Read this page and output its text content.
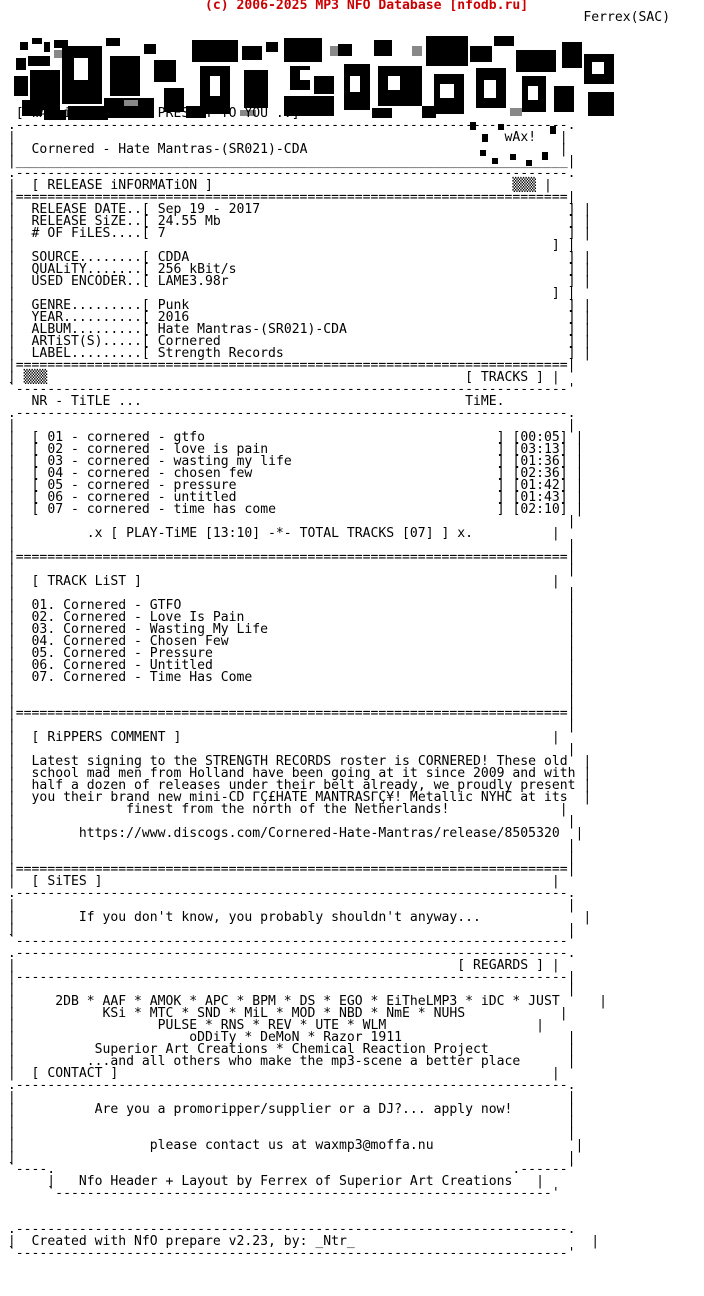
(c) 2006-2025 MP3 NFO Database [nfodb.ru]
Ferrex(SAC)

[ wAx iS PROUD TO PRESENT TO YOU ..]
.----------------------------------------------------------------------.
|	wAx!   |
|  Cornered - Hate Mantras-(SR021)-CDA	|
|______________________________________________________________________|
.----------------------------------------------------------------------.
|  [ RELEASE iNFORMATiON ]	▒▒▒ |
|======================================================================|
|  RELEASE DATE..[ Sep 19 - 2017	] |
|  RELEASE SiZE..[ 24.55 Mb	] |
|  # OF FiLES....[ 7	] |
|                                                                    ] |
|  SOURCE........[ CDDA	] |
|  QUALiTY.......[ 256 kBit/s	] |
|  USED ENCODER..[ LAME3.98r	] |
|                                                                    ] |
|  GENRE.........[ Punk	] |
|  YEAR..........[ 2016	] |
|  ALBUM.........[ Hate Mantras-(SR021)-CDA	] |
|  ARTiST(S).....[ Cornered	] |
|  LABEL.........[ Strength Records	] |
|======================================================================|
| ▒▒▒	[ TRACKS ] |
`----------------------------------------------------------------------'
NR - TiTLE ...	TiME.
.----------------------------------------------------------------------.
|                                                                      |
|  [ 01 - cornered - gtfo                                     ] [00:05] |
|  [ 02 - cornered - love is pain                             ] [03:13] |
|  [ 03 - cornered - wasting my life                          ] [01:36] |
|  [ 04 - cornered - chosen few                               ] [02:36] |
|  [ 05 - cornered - pressure                                 ] [01:42] |
|  [ 06 - cornered - untitled                                 ] [01:43] |
|  [ 07 - cornered - time has come                            ] [02:10] |
|                                                                      |
|	.x [ PLAY-TiME [13:10] -*- TOTAL TRACKS [07] ] x.	|
|                                                                      |
|======================================================================|
|                                                                      |
|  [ TRACK LiST ]	|
|                                                                      |
|  01. Cornered - GTFO	|
|  02. Cornered - Love Is Pain	|
|  03. Cornered - Wasting My Life	|
|  04. Cornered - Chosen Few	|
|  05. Cornered - Pressure	|
|  06. Cornered - Untitled	|
|  07. Cornered - Time Has Come	|
|                                                                      |
|                                                                      |
|======================================================================|
|                                                                      |
|  [ RiPPERS COMMENT ]	|
|                                                                      |
|  Latest signing to the STRENGTH RECORDS roster is CORNERED! These old  |
|  school mad men from Holland have been going at it since 2009 and with |
|  half a dozen of releases under their belt already, we proudly present |
|  you their brand new mini-CD ΓÇ£HATE MANTRASΓÇ¥! Metallic NYHC at its  |
|	finest from the north of the Netherlands!	|
|                                                                      |
|	https://www.discogs.com/Cornered-Hate-Mantras/release/8505320  |
|                                                                      |
|                                                                      |
|======================================================================|
|  [ SiTES ]	|
.----------------------------------------------------------------------.
|                                                                      |
|	If you don't know, you probably shouldn't anyway...	|
|                                                                      |
`----------------------------------------------------------------------'
.----------------------------------------------------------------------.
|	[ REGARDS ] |
|----------------------------------------------------------------------|
|                                                                      |
|	2DB * AAF * AMOK * APC * BPM * DS * EGO * EiTheLMP3 * iDC * JUST	|
|	KSi * MTC * SND * MiL * MOD * NBD * NmE * NUHS	|
|	PULSE * RNS * REV * UTE * WLM	|
|	oDDiTy * DeMoN * Razor 1911	|
|	Superior Art Creations * Chemical Reaction Project	|
|	...and all others who make the mp3-scene a better place	|
|  [ CONTACT ]	|
.----------------------------------------------------------------------.
|                                                                      |
|	Are you a promoripper/supplier or a DJ?... apply now!	|
|                                                                      |
|                                                                      |
|	please contact us at waxmp3@moffa.nu	|
|                                                                      |
`----.                                                          .------'
|   Nfo Header + Layout by Ferrex of Superior Art Creations   |
`---------------------------------------------------------------'

.----------------------------------------------------------------------.
|  Created with NfO prepare v2.23, by: _Ntr_	|
`----------------------------------------------------------------------'
